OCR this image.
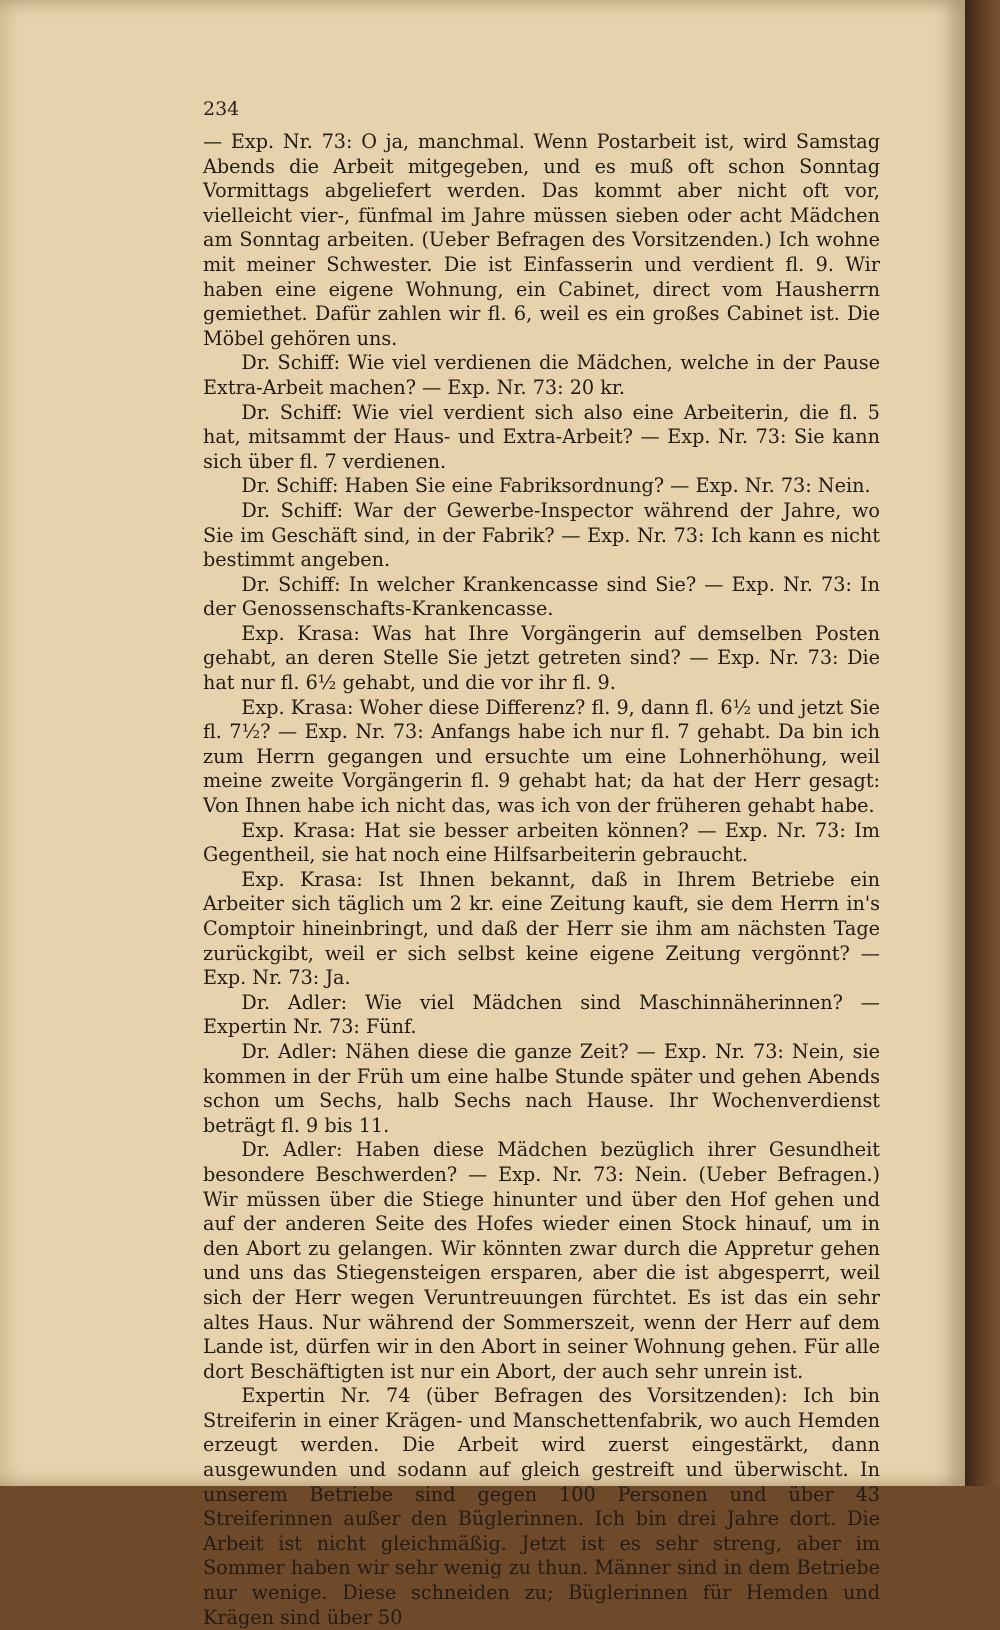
234

— Exp. Nr. 73: O ja, manchmal. Wenn Postarbeit ist, wird Samstag Abends die Arbeit mitgegeben, und es muß oft schon Sonntag Vormittags abgeliefert werden. Das kommt aber nicht oft vor, vielleicht vier-, fünfmal im Jahre müssen sieben oder acht Mädchen am Sonntag arbeiten. (Ueber Befragen des Vorsitzenden.) Ich wohne mit meiner Schwester. Die ist Einfasserin und verdient fl. 9. Wir haben eine eigene Wohnung, ein Cabinet, direct vom Hausherrn gemiethet. Dafür zahlen wir fl. 6, weil es ein großes Cabinet ist. Die Möbel gehören uns.

Dr. Schiff: Wie viel verdienen die Mädchen, welche in der Pause Extra-Arbeit machen? — Exp. Nr. 73: 20 kr.

Dr. Schiff: Wie viel verdient sich also eine Arbeiterin, die fl. 5 hat, mitsammt der Haus- und Extra-Arbeit? — Exp. Nr. 73: Sie kann sich über fl. 7 verdienen.

Dr. Schiff: Haben Sie eine Fabriksordnung? — Exp. Nr. 73: Nein.

Dr. Schiff: War der Gewerbe-Inspector während der Jahre, wo Sie im Geschäft sind, in der Fabrik? — Exp. Nr. 73: Ich kann es nicht bestimmt angeben.

Dr. Schiff: In welcher Krankencasse sind Sie? — Exp. Nr. 73: In der Genossenschafts-Krankencasse.

Exp. Krasa: Was hat Ihre Vorgängerin auf demselben Posten gehabt, an deren Stelle Sie jetzt getreten sind? — Exp. Nr. 73: Die hat nur fl. 6½ gehabt, und die vor ihr fl. 9.

Exp. Krasa: Woher diese Differenz? fl. 9, dann fl. 6½ und jetzt Sie fl. 7½? — Exp. Nr. 73: Anfangs habe ich nur fl. 7 gehabt. Da bin ich zum Herrn gegangen und ersuchte um eine Lohnerhöhung, weil meine zweite Vorgängerin fl. 9 gehabt hat; da hat der Herr gesagt: Von Ihnen habe ich nicht das, was ich von der früheren gehabt habe.

Exp. Krasa: Hat sie besser arbeiten können? — Exp. Nr. 73: Im Gegentheil, sie hat noch eine Hilfsarbeiterin gebraucht.

Exp. Krasa: Ist Ihnen bekannt, daß in Ihrem Betriebe ein Arbeiter sich täglich um 2 kr. eine Zeitung kauft, sie dem Herrn in's Comptoir hineinbringt, und daß der Herr sie ihm am nächsten Tage zurückgibt, weil er sich selbst keine eigene Zeitung vergönnt? — Exp. Nr. 73: Ja.

Dr. Adler: Wie viel Mädchen sind Maschinnäherinnen? — Expertin Nr. 73: Fünf.

Dr. Adler: Nähen diese die ganze Zeit? — Exp. Nr. 73: Nein, sie kommen in der Früh um eine halbe Stunde später und gehen Abends schon um Sechs, halb Sechs nach Hause. Ihr Wochenverdienst beträgt fl. 9 bis 11.

Dr. Adler: Haben diese Mädchen bezüglich ihrer Gesundheit besondere Beschwerden? — Exp. Nr. 73: Nein. (Ueber Befragen.) Wir müssen über die Stiege hinunter und über den Hof gehen und auf der anderen Seite des Hofes wieder einen Stock hinauf, um in den Abort zu gelangen. Wir könnten zwar durch die Appretur gehen und uns das Stiegensteigen ersparen, aber die ist abgesperrt, weil sich der Herr wegen Veruntreuungen fürchtet. Es ist das ein sehr altes Haus. Nur während der Sommerszeit, wenn der Herr auf dem Lande ist, dürfen wir in den Abort in seiner Wohnung gehen. Für alle dort Beschäftigten ist nur ein Abort, der auch sehr unrein ist.

Expertin Nr. 74 (über Befragen des Vorsitzenden): Ich bin Streiferin in einer Krägen- und Manschettenfabrik, wo auch Hemden erzeugt werden. Die Arbeit wird zuerst eingestärkt, dann ausgewunden und sodann auf gleich gestreift und überwischt. In unserem Betriebe sind gegen 100 Personen und über 43 Streiferinnen außer den Büglerinnen. Ich bin drei Jahre dort. Die Arbeit ist nicht gleichmäßig. Jetzt ist es sehr streng, aber im Sommer haben wir sehr wenig zu thun. Männer sind in dem Betriebe nur wenige. Diese schneiden zu; Büglerinnen für Hemden und Krägen sind über 50
